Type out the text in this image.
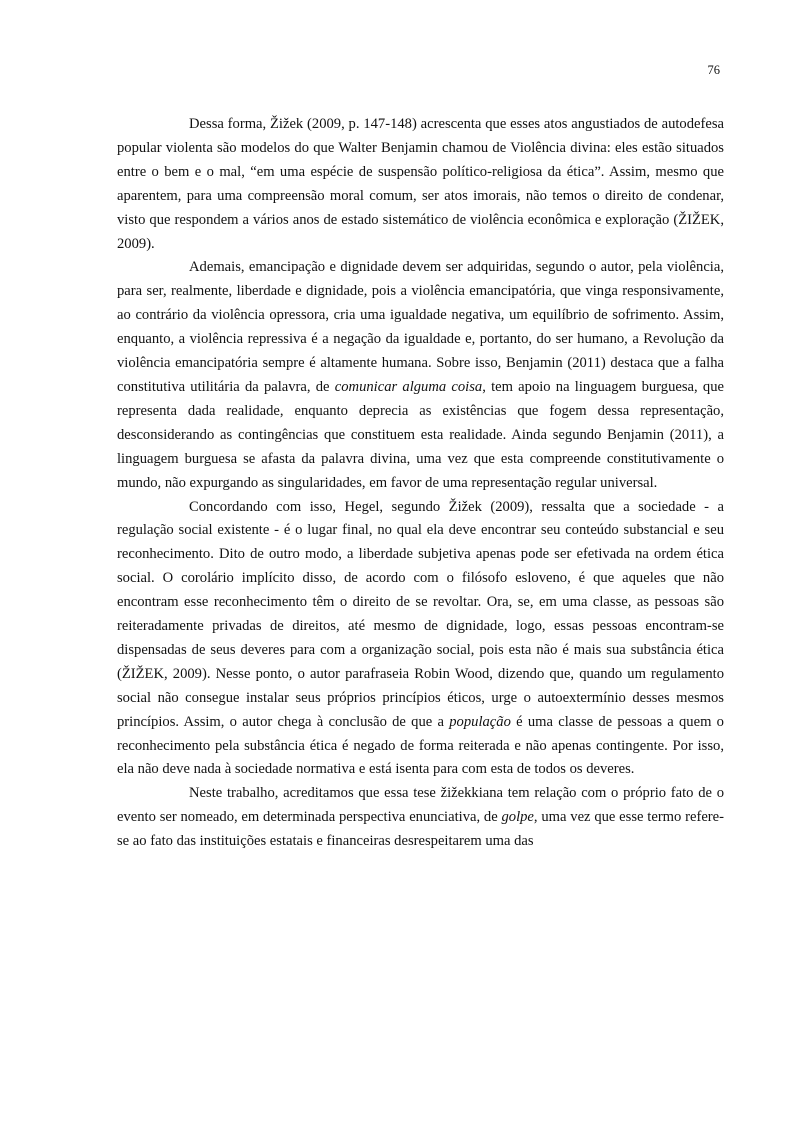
76

Dessa forma, Žižek (2009, p. 147-148) acrescenta que esses atos angustiados de autodefesa popular violenta são modelos do que Walter Benjamin chamou de Violência divina: eles estão situados entre o bem e o mal, “em uma espécie de suspensão político-religiosa da ética”. Assim, mesmo que aparentem, para uma compreensão moral comum, ser atos imorais, não temos o direito de condenar, visto que respondem a vários anos de estado sistemático de violência econômica e exploração (ŽIŽEK, 2009).

Ademais, emancipação e dignidade devem ser adquiridas, segundo o autor, pela violência, para ser, realmente, liberdade e dignidade, pois a violência emancipatória, que vinga responsivamente, ao contrário da violência opressora, cria uma igualdade negativa, um equilíbrio de sofrimento. Assim, enquanto, a violência repressiva é a negação da igualdade e, portanto, do ser humano, a Revolução da violência emancipatória sempre é altamente humana. Sobre isso, Benjamin (2011) destaca que a falha constitutiva utilitária da palavra, de comunicar alguma coisa, tem apoio na linguagem burguesa, que representa dada realidade, enquanto deprecia as existências que fogem dessa representação, desconsiderando as contingências que constituem esta realidade. Ainda segundo Benjamin (2011), a linguagem burguesa se afasta da palavra divina, uma vez que esta compreende constitutivamente o mundo, não expurgando as singularidades, em favor de uma representação regular universal.

Concordando com isso, Hegel, segundo Žižek (2009), ressalta que a sociedade - a regulação social existente - é o lugar final, no qual ela deve encontrar seu conteúdo substancial e seu reconhecimento. Dito de outro modo, a liberdade subjetiva apenas pode ser efetivada na ordem ética social. O corolário implícito disso, de acordo com o filósofo esloveno, é que aqueles que não encontram esse reconhecimento têm o direito de se revoltar. Ora, se, em uma classe, as pessoas são reiteradamente privadas de direitos, até mesmo de dignidade, logo, essas pessoas encontram-se dispensadas de seus deveres para com a organização social, pois esta não é mais sua substância ética (ŽIŽEK, 2009). Nesse ponto, o autor parafraseia Robin Wood, dizendo que, quando um regulamento social não consegue instalar seus próprios princípios éticos, urge o autoextermínio desses mesmos princípios. Assim, o autor chega à conclusão de que a população é uma classe de pessoas a quem o reconhecimento pela substância ética é negado de forma reiterada e não apenas contingente. Por isso, ela não deve nada à sociedade normativa e está isenta para com esta de todos os deveres.

Neste trabalho, acreditamos que essa tese žižekkiana tem relação com o próprio fato de o evento ser nomeado, em determinada perspectiva enunciativa, de golpe, uma vez que esse termo refere-se ao fato das instituições estatais e financeiras desrespeitarem uma das
